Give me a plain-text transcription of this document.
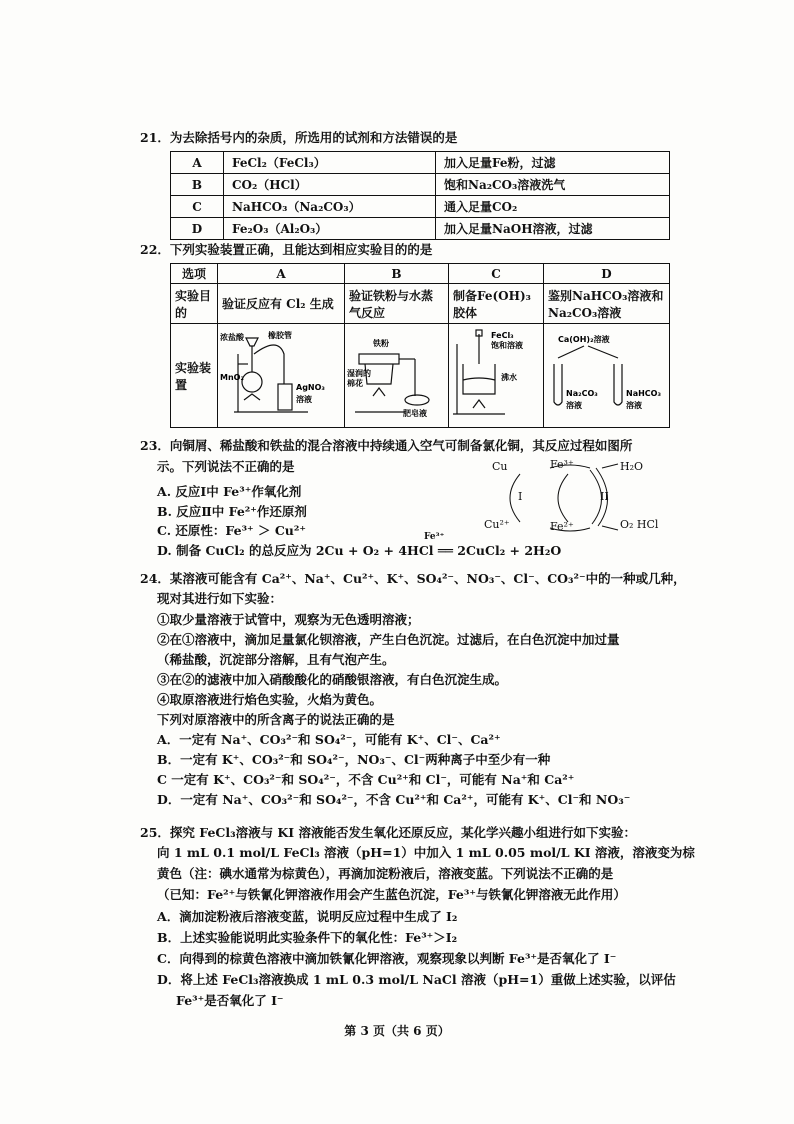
21．为去除括号内的杂质，所选用的试剂和方法错误的是
A	FeCl₂（FeCl₃）	加入足量Fe粉，过滤
B	CO₂（HCl）	饱和Na₂CO₃溶液洗气
C	NaHCO₃（Na₂CO₃）	通入足量CO₂
D	Fe₂O₃（Al₂O₃）	加入足量NaOH溶液，过滤
22．下列实验装置正确，且能达到相应实验目的的是
选项	A	B	C	D
实验目的	验证反应有 Cl₂ 生成	验证铁粉与水蒸气反应	制备Fe(OH)₃胶体	鉴别NaHCO₃溶液和Na₂CO₃溶液
实验装置	浓盐酸 橡胶管
MnO₂
AgNO₃
溶液	铁粉
湿润的
棉花
肥皂液	FeCl₃
饱和溶液
沸水	Ca(OH)₂溶液
Na₂CO₃
溶液
NaHCO₃
溶液
23．向铜屑、稀盐酸和铁盐的混合溶液中持续通入空气可制备氯化铜，其反应过程如图所
示。下列说法不正确的是
A. 反应Ⅰ中 Fe³⁺作氧化剂
B. 反应Ⅱ中 Fe²⁺作还原剂
C. 还原性：Fe³⁺ ＞ Cu²⁺
D. 制备 CuCl₂ 的总反应为 2Cu + O₂ + 4HCl ══ 2CuCl₂ + 2H₂O
Fe³⁺
Cu	Fe³⁺	H₂O
I	II
Cu²⁺	Fe²⁺	O₂ HCl
24．某溶液可能含有 Ca²⁺、Na⁺、Cu²⁺、K⁺、SO₄²⁻、NO₃⁻、Cl⁻、CO₃²⁻中的一种或几种，
现对其进行如下实验：
①取少量溶液于试管中，观察为无色透明溶液；
②在①溶液中，滴加足量氯化钡溶液，产生白色沉淀。过滤后，在白色沉淀中加过量
（稀盐酸，沉淀部分溶解，且有气泡产生。
③在②的滤液中加入硝酸酸化的硝酸银溶液，有白色沉淀生成。
④取原溶液进行焰色实验，火焰为黄色。
下列对原溶液中的所含离子的说法正确的是
A．一定有 Na⁺、CO₃²⁻和 SO₄²⁻，可能有 K⁺、Cl⁻、Ca²⁺
B．一定有 K⁺、CO₃²⁻和 SO₄²⁻，NO₃⁻、Cl⁻两种离子中至少有一种
C 一定有 K⁺、CO₃²⁻和 SO₄²⁻，不含 Cu²⁺和 Cl⁻，可能有 Na⁺和 Ca²⁺
D．一定有 Na⁺、CO₃²⁻和 SO₄²⁻，不含 Cu²⁺和 Ca²⁺，可能有 K⁺、Cl⁻和 NO₃⁻
25．探究 FeCl₃溶液与 KI 溶液能否发生氧化还原反应，某化学兴趣小组进行如下实验：
向 1 mL 0.1 mol/L FeCl₃ 溶液（pH=1）中加入 1 mL 0.05 mol/L KI 溶液，溶液变为棕
黄色（注：碘水通常为棕黄色），再滴加淀粉液后，溶液变蓝。下列说法不正确的是
（已知：Fe²⁺与铁氰化钾溶液作用会产生蓝色沉淀，Fe³⁺与铁氰化钾溶液无此作用）
A．滴加淀粉液后溶液变蓝，说明反应过程中生成了 I₂
B．上述实验能说明此实验条件下的氧化性：Fe³⁺＞I₂
C．向得到的棕黄色溶液中滴加铁氰化钾溶液，观察现象以判断 Fe³⁺是否氧化了 I⁻
D．将上述 FeCl₃溶液换成 1 mL 0.3 mol/L NaCl 溶液（pH=1）重做上述实验，以评估
Fe³⁺是否氧化了 I⁻
第 3 页（共 6 页）
